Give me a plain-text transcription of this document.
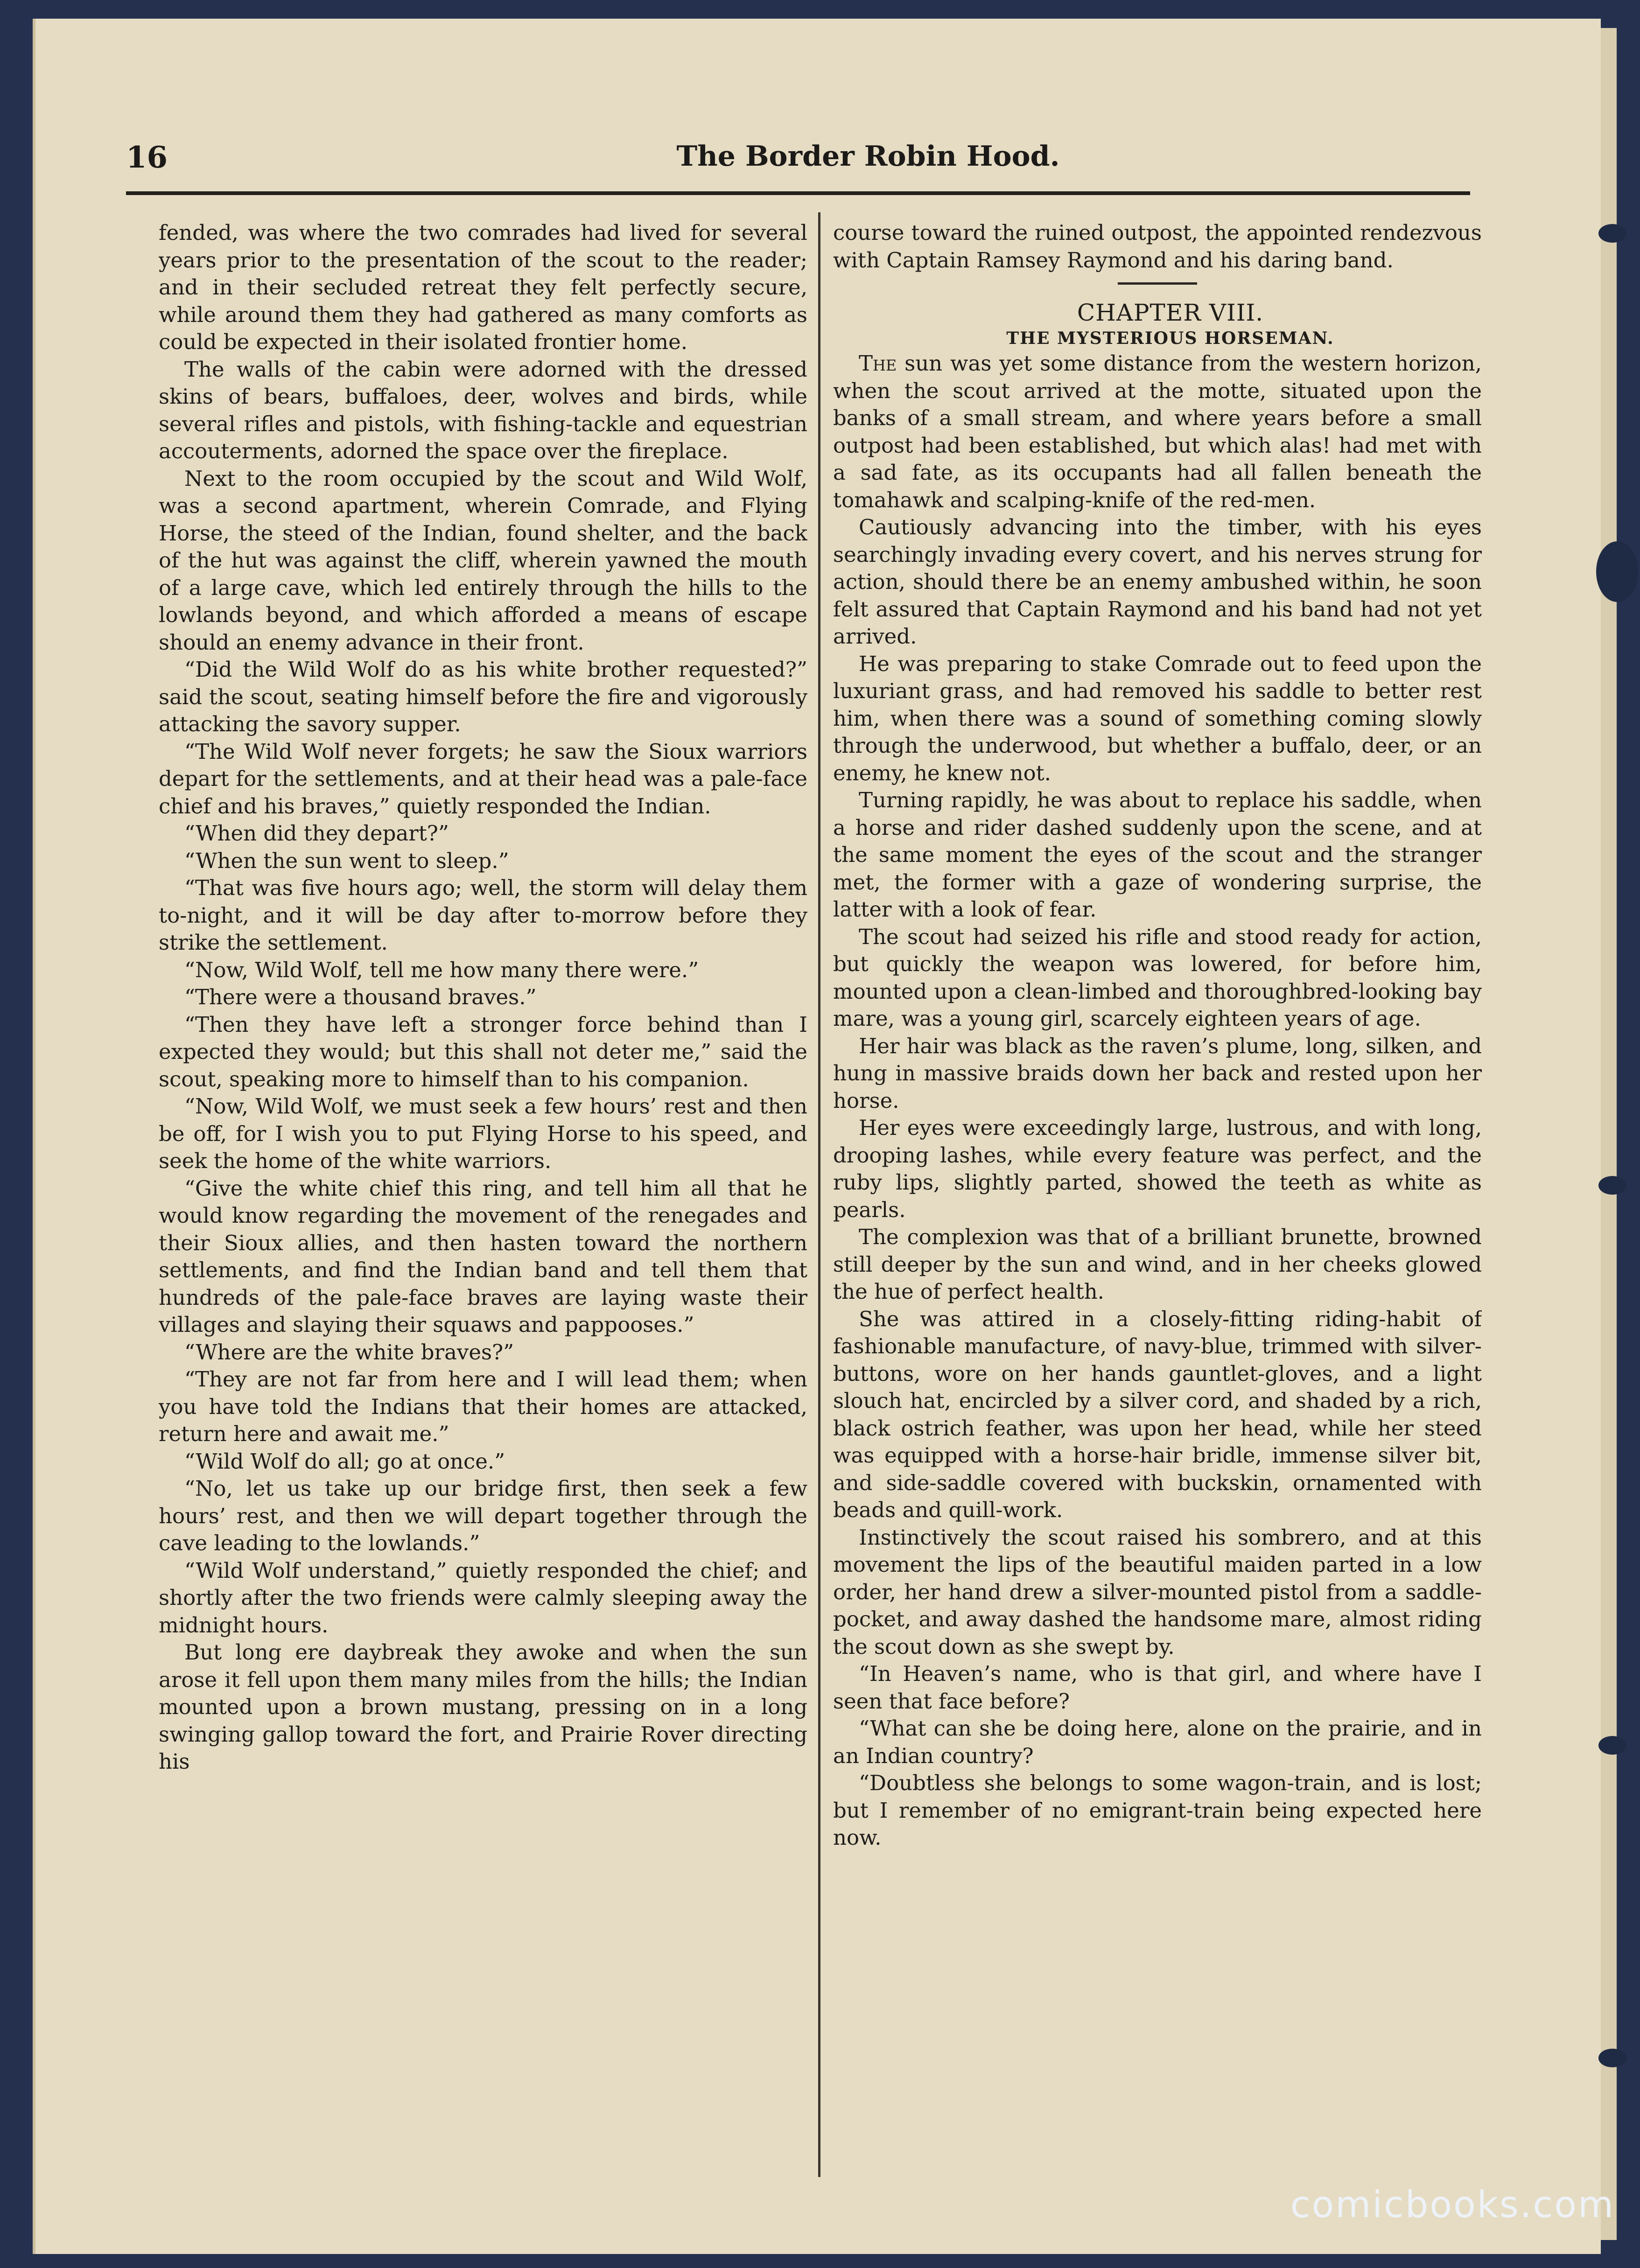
16	The Border Robin Hood.

fended, was where the two comrades had lived for several years prior to the presentation of the scout to the reader; and in their secluded retreat they felt perfectly secure, while around them they had gathered as many comforts as could be expected in their isolated frontier home.

The walls of the cabin were adorned with the dressed skins of bears, buffaloes, deer, wolves and birds, while several rifles and pistols, with fishing-tackle and equestrian accouterments, adorned the space over the fireplace.

Next to the room occupied by the scout and Wild Wolf, was a second apartment, wherein Comrade, and Flying Horse, the steed of the Indian, found shelter, and the back of the hut was against the cliff, wherein yawned the mouth of a large cave, which led entirely through the hills to the lowlands beyond, and which afforded a means of escape should an enemy advance in their front.

“Did the Wild Wolf do as his white brother requested?” said the scout, seating himself before the fire and vigorously attacking the savory supper.

“The Wild Wolf never forgets; he saw the Sioux warriors depart for the settlements, and at their head was a pale-face chief and his braves,” quietly responded the Indian.

“When did they depart?”

“When the sun went to sleep.”

“That was five hours ago; well, the storm will delay them to-night, and it will be day after to-morrow before they strike the settlement.

“Now, Wild Wolf, tell me how many there were.”

“There were a thousand braves.”

“Then they have left a stronger force behind than I expected they would; but this shall not deter me,” said the scout, speaking more to himself than to his companion.

“Now, Wild Wolf, we must seek a few hours’ rest and then be off, for I wish you to put Flying Horse to his speed, and seek the home of the white warriors.

“Give the white chief this ring, and tell him all that he would know regarding the movement of the renegades and their Sioux allies, and then hasten toward the northern settlements, and find the Indian band and tell them that hundreds of the pale-face braves are laying waste their villages and slaying their squaws and pappooses.”

“Where are the white braves?”

“They are not far from here and I will lead them; when you have told the Indians that their homes are attacked, return here and await me.”

“Wild Wolf do all; go at once.”

“No, let us take up our bridge first, then seek a few hours’ rest, and then we will depart together through the cave leading to the lowlands.”

“Wild Wolf understand,” quietly responded the chief; and shortly after the two friends were calmly sleeping away the midnight hours.

But long ere daybreak they awoke and when the sun arose it fell upon them many miles from the hills; the Indian mounted upon a brown mustang, pressing on in a long swinging gallop toward the fort, and Prairie Rover directing his

course toward the ruined outpost, the appointed rendezvous with Captain Ramsey Raymond and his daring band.

CHAPTER VIII.

THE MYSTERIOUS HORSEMAN.

The sun was yet some distance from the western horizon, when the scout arrived at the motte, situated upon the banks of a small stream, and where years before a small outpost had been established, but which alas! had met with a sad fate, as its occupants had all fallen beneath the tomahawk and scalping-knife of the red-men.

Cautiously advancing into the timber, with his eyes searchingly invading every covert, and his nerves strung for action, should there be an enemy ambushed within, he soon felt assured that Captain Raymond and his band had not yet arrived.

He was preparing to stake Comrade out to feed upon the luxuriant grass, and had removed his saddle to better rest him, when there was a sound of something coming slowly through the underwood, but whether a buffalo, deer, or an enemy, he knew not.

Turning rapidly, he was about to replace his saddle, when a horse and rider dashed suddenly upon the scene, and at the same moment the eyes of the scout and the stranger met, the former with a gaze of wondering surprise, the latter with a look of fear.

The scout had seized his rifle and stood ready for action, but quickly the weapon was lowered, for before him, mounted upon a clean-limbed and thoroughbred-looking bay mare, was a young girl, scarcely eighteen years of age.

Her hair was black as the raven’s plume, long, silken, and hung in massive braids down her back and rested upon her horse.

Her eyes were exceedingly large, lustrous, and with long, drooping lashes, while every feature was perfect, and the ruby lips, slightly parted, showed the teeth as white as pearls.

The complexion was that of a brilliant brunette, browned still deeper by the sun and wind, and in her cheeks glowed the hue of perfect health.

She was attired in a closely-fitting riding-habit of fashionable manufacture, of navy-blue, trimmed with silver-buttons, wore on her hands gauntlet-gloves, and a light slouch hat, encircled by a silver cord, and shaded by a rich, black ostrich feather, was upon her head, while her steed was equipped with a horse-hair bridle, immense silver bit, and side-saddle covered with buckskin, ornamented with beads and quill-work.

Instinctively the scout raised his sombrero, and at this movement the lips of the beautiful maiden parted in a low order, her hand drew a silver-mounted pistol from a saddle-pocket, and away dashed the handsome mare, almost riding the scout down as she swept by.

“In Heaven’s name, who is that girl, and where have I seen that face before?

“What can she be doing here, alone on the prairie, and in an Indian country?

“Doubtless she belongs to some wagon-train, and is lost; but I remember of no emigrant-train being expected here now.

comicbooks.com
